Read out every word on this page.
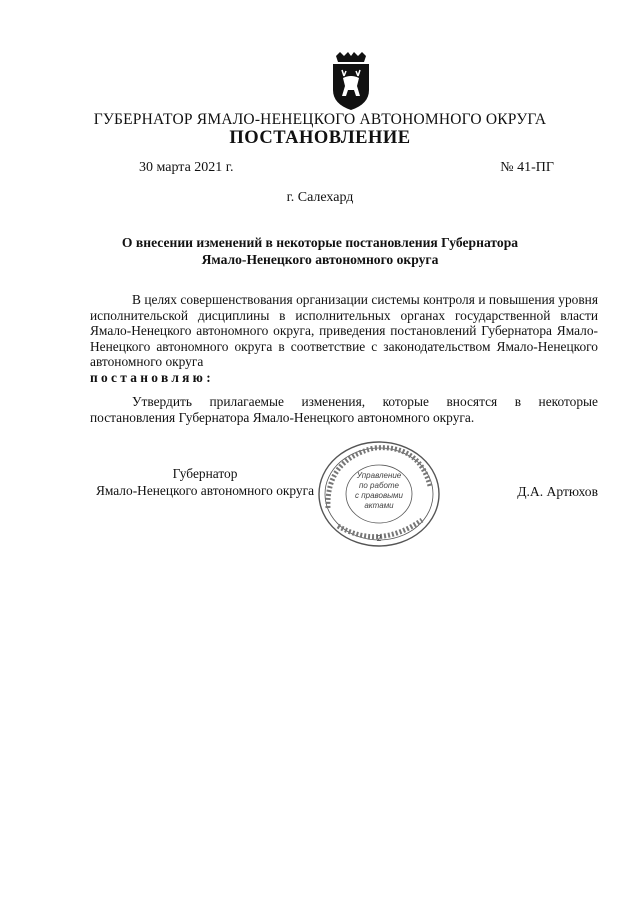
ГУБЕРНАТОР ЯМАЛО-НЕНЕЦКОГО АВТОНОМНОГО ОКРУГА
ПОСТАНОВЛЕНИЕ
30 марта 2021 г.	№ 41-ПГ
г. Салехард
О внесении изменений в некоторые постановления Губернатора
Ямало-Ненецкого автономного округа
В целях совершенствования организации системы контроля и повышения уровня исполнительской дисциплины в исполнительных органах государственной власти Ямало-Ненецкого автономного округа, приведения постановлений Губернатора Ямало-Ненецкого автономного округа в соответствие с законодательством Ямало-Ненецкого автономного округа
постановляю:
Утвердить прилагаемые изменения, которые вносятся в некоторые постановления Губернатора Ямало-Ненецкого автономного округа.
Губернатор
Ямало-Ненецкого автономного округа	Д.А. Артюхов
Управление
по работе
с правовыми
актами
2
